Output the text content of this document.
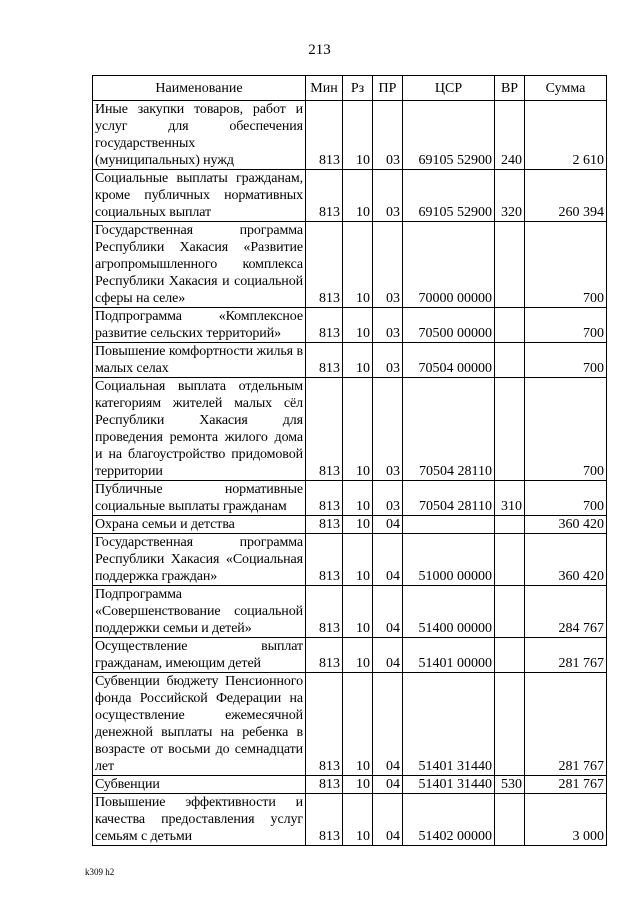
213
Наименование	Мин	Рз	ПР	ЦСР	ВР	Сумма
Иные закупки товаров, работ и услуг для обеспечения государственных (муниципальных) нужд	813	10	03	69105 52900	240	2 610
Социальные выплаты гражданам, кроме публичных нормативных социальных выплат	813	10	03	69105 52900	320	260 394
Государственная программа Республики Хакасия «Развитие агропромышленного комплекса Республики Хакасия и социальной сферы на селе»	813	10	03	70000 00000		700
Подпрограмма «Комплексное развитие сельских территорий»	813	10	03	70500 00000		700
Повышение комфортности жилья в малых селах	813	10	03	70504 00000		700
Социальная выплата отдельным категориям жителей малых сёл Республики Хакасия для проведения ремонта жилого дома и на благоустройство придомовой территории	813	10	03	70504 28110		700
Публичные нормативные социальные выплаты гражданам	813	10	03	70504 28110	310	700
Охрана семьи и детства	813	10	04			360 420
Государственная программа Республики Хакасия «Социальная поддержка граждан»	813	10	04	51000 00000		360 420
Подпрограмма «Совершенствование социальной поддержки семьи и детей»	813	10	04	51400 00000		284 767
Осуществление выплат гражданам, имеющим детей	813	10	04	51401 00000		281 767
Субвенции бюджету Пенсионного фонда Российской Федерации на осуществление ежемесячной денежной выплаты на ребенка в возрасте от восьми до семнадцати лет	813	10	04	51401 31440		281 767
Субвенции	813	10	04	51401 31440	530	281 767
Повышение эффективности и качества предоставления услуг семьям с детьми	813	10	04	51402 00000		3 000
k309 h2
